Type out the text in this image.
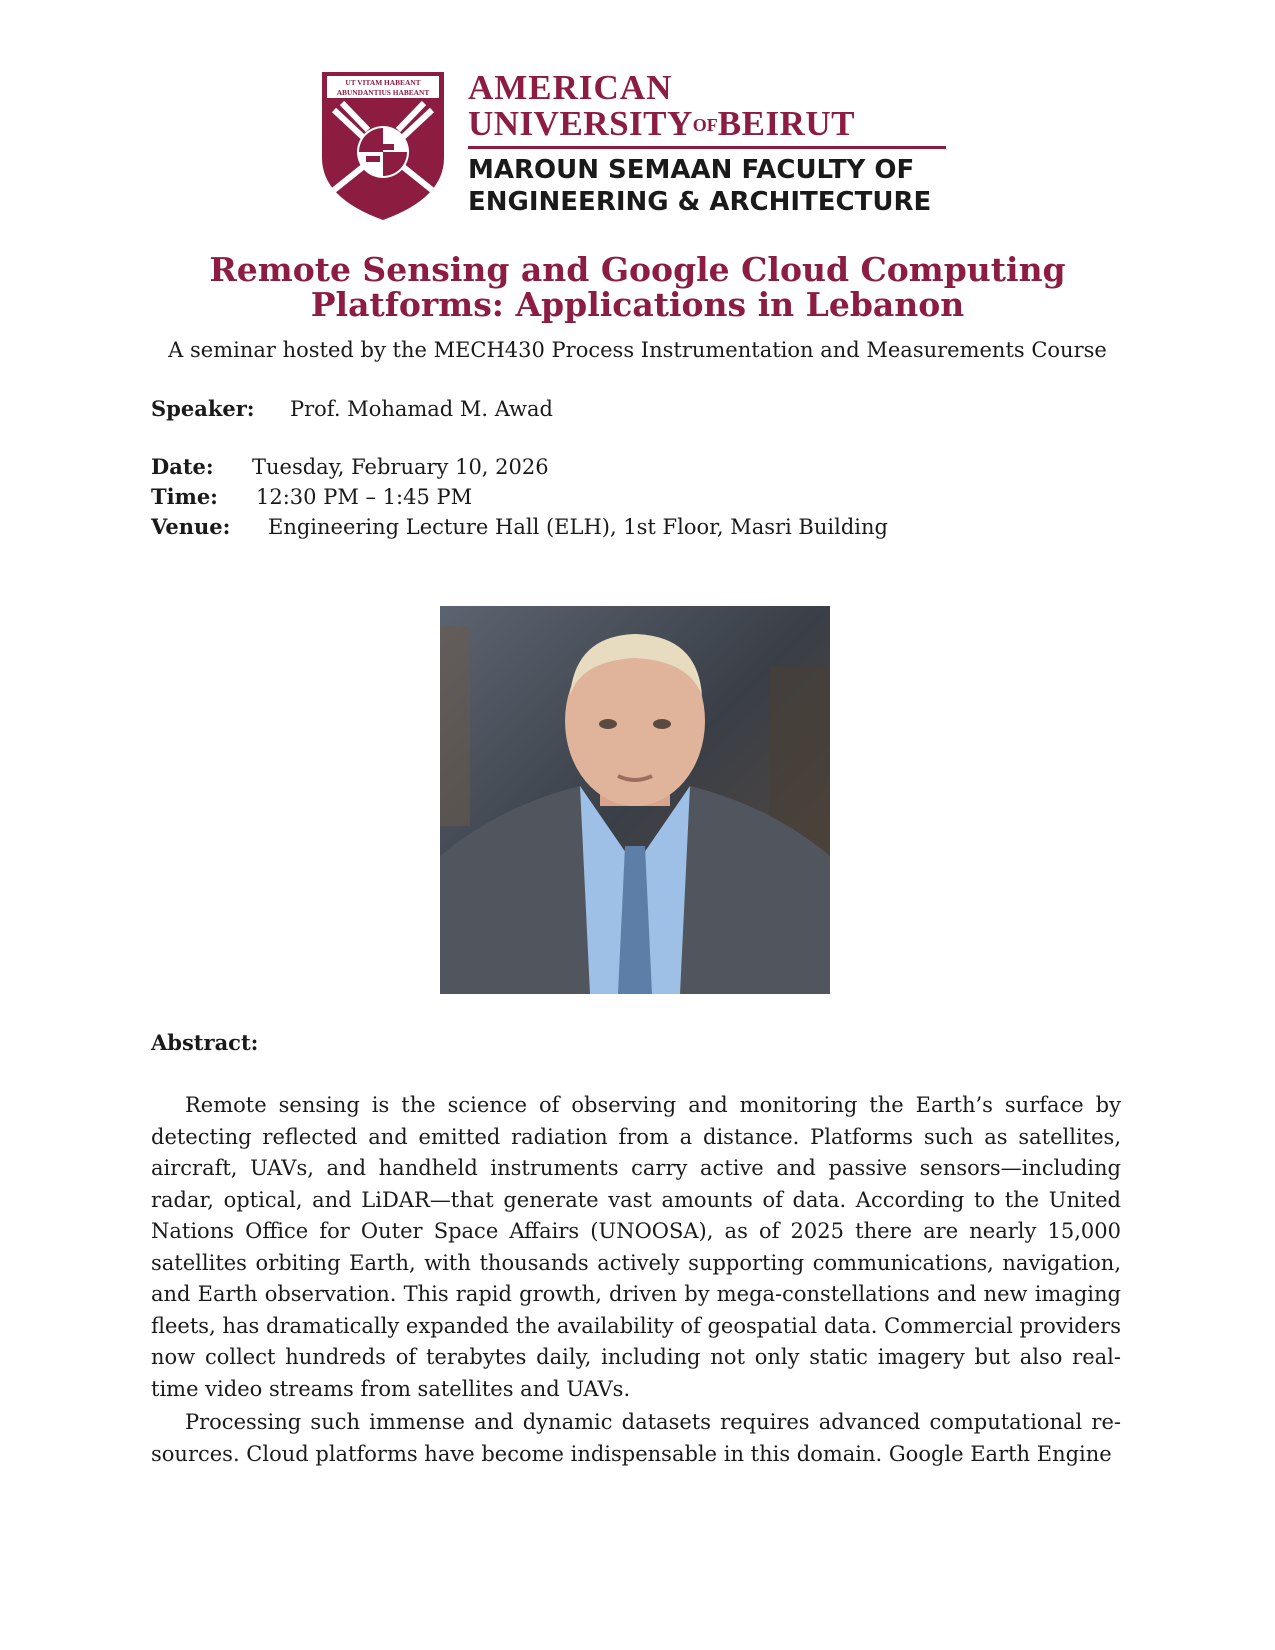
UT VITAM HABEANT
ABUNDANTIUS HABEANT AMERICAN
UNIVERSITYOFBEIRUT
MAROUN SEMAAN FACULTY OF
ENGINEERING & ARCHITECTURE
Remote Sensing and Google Cloud Computing
Platforms: Applications in Lebanon
A seminar hosted by the MECH430 Process Instrumentation and Measurements Course
Speaker: Prof. Mohamad M. Awad
Date: Tuesday, February 10, 2026
Time: 12:30 PM – 1:45 PM
Venue: Engineering Lecture Hall (ELH), 1st Floor, Masri Building
Abstract:

Remote sensing is the science of observing and monitoring the Earth’s surface by detecting reflected and emitted radiation from a distance. Platforms such as satellites, aircraft, UAVs, and handheld instruments carry active and passive sensors—including radar, optical, and LiDAR—that generate vast amounts of data. According to the United Nations Office for Outer Space Affairs (UNOOSA), as of 2025 there are nearly 15,000 satellites orbiting Earth, with thousands actively supporting communications, navigation, and Earth observation. This rapid growth, driven by mega-constellations and new imaging fleets, has dramatically expanded the availability of geospatial data. Commercial providers now collect hundreds of terabytes daily, including not only static imagery but also real-time video streams from satellites and UAVs.

Processing such immense and dynamic datasets requires advanced computational re-sources. Cloud platforms have become indispensable in this domain. Google Earth Engine
